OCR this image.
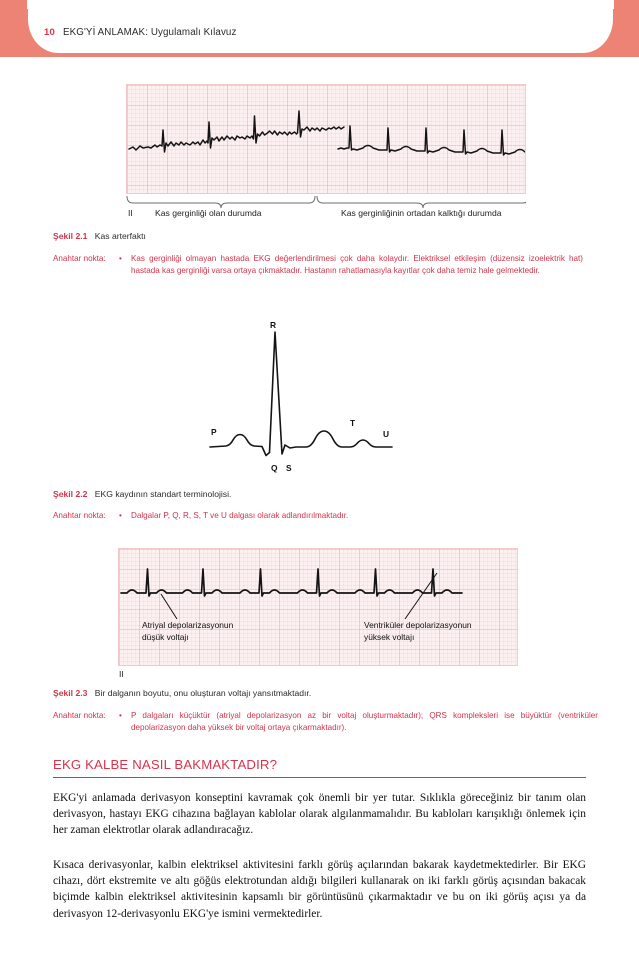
10 EKG'Yİ ANLAMAK: Uygulamalı Kılavuz
II	Kas gerginliği olan durumda	Kas gerginliğinin ortadan kalktığı durumda
Şekil 2.1 Kas arterfaktı
Anahtar nokta:	•	Kas gerginliği olmayan hastada EKG değerlendirilmesi çok daha kolaydır. Elektriksel etkileşim (düzensiz izoelektrik hat) hastada kas gerginliği varsa ortaya çıkmaktadır. Hastanın rahatlamasıyla kayıtlar çok daha temiz hale gelmektedir.
R
P
Q S
T
U
Şekil 2.2 EKG kaydının standart terminolojisi.
Anahtar nokta:	•	Dalgalar P, Q, R, S, T ve U dalgası olarak adlandırılmaktadır.
Atriyal depolarizasyonun
düşük voltajı
Ventriküler depolarizasyonun
yüksek voltajı
II
Şekil 2.3 Bir dalganın boyutu, onu oluşturan voltajı yansıtmaktadır.
Anahtar nokta:	•	P dalgaları küçüktür (atriyal depolarizasyon az bir voltaj oluşturmaktadır); QRS kompleksleri ise büyüktür (ventriküler depolarizasyon daha yüksek bir voltaj ortaya çıkarmaktadır).
EKG KALBE NASIL BAKMAKTADIR?
EKG'yi anlamada derivasyon konseptini kavramak çok önemli bir yer tutar. Sıklıkla göreceğiniz bir tanım olan derivasyon, hastayı EKG cihazına bağlayan kablolar olarak algılanmamalıdır. Bu kabloları karışıklığı önlemek için her zaman elektrotlar olarak adlandıracağız.
Kısaca derivasyonlar, kalbin elektriksel aktivitesini farklı görüş açılarından bakarak kaydetmektedirler. Bir EKG cihazı, dört ekstremite ve altı göğüs elektrotundan aldığı bilgileri kullanarak on iki farklı görüş açısından bakacak biçimde kalbin elektriksel aktivitesinin kapsamlı bir görüntüsünü çıkarmaktadır ve bu on iki görüş açısı ya da derivasyon 12-derivasyonlu EKG'ye ismini vermektedirler.
